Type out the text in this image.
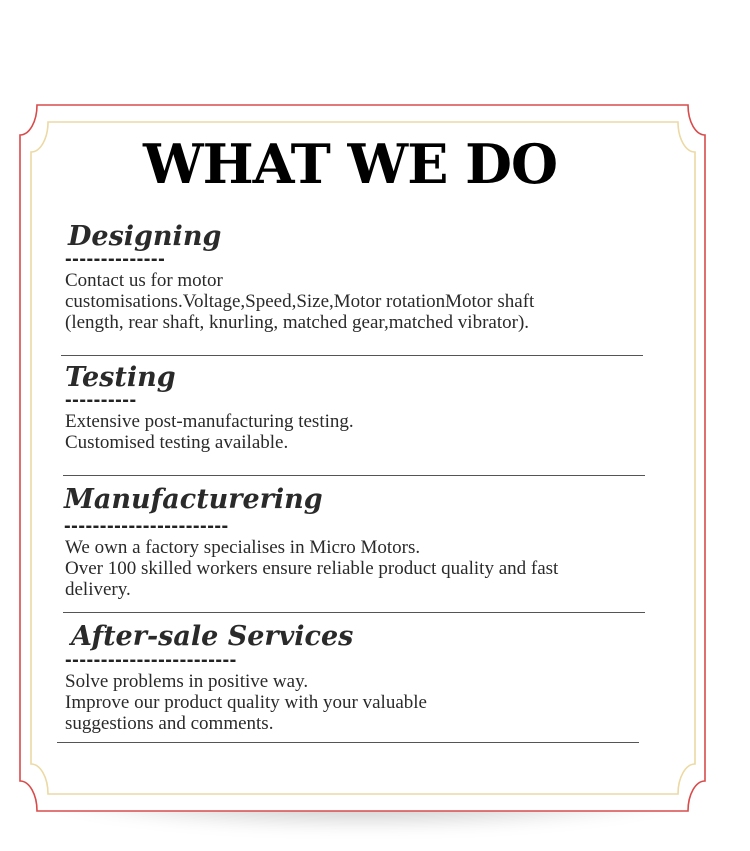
WHAT WE DO
Designing
--------------
Contact us for motor
customisations.Voltage,Speed,Size,Motor rotationMotor shaft
(length, rear shaft, knurling, matched gear,matched vibrator).
Testing
----------
Extensive post-manufacturing testing.
Customised testing available.
Manufacturering
-----------------------
We own a factory specialises in Micro Motors.
Over 100 skilled workers ensure reliable product quality and fast
delivery.
After-sale Services
------------------------
Solve problems in positive way.
Improve our product quality with your valuable
suggestions and comments.
